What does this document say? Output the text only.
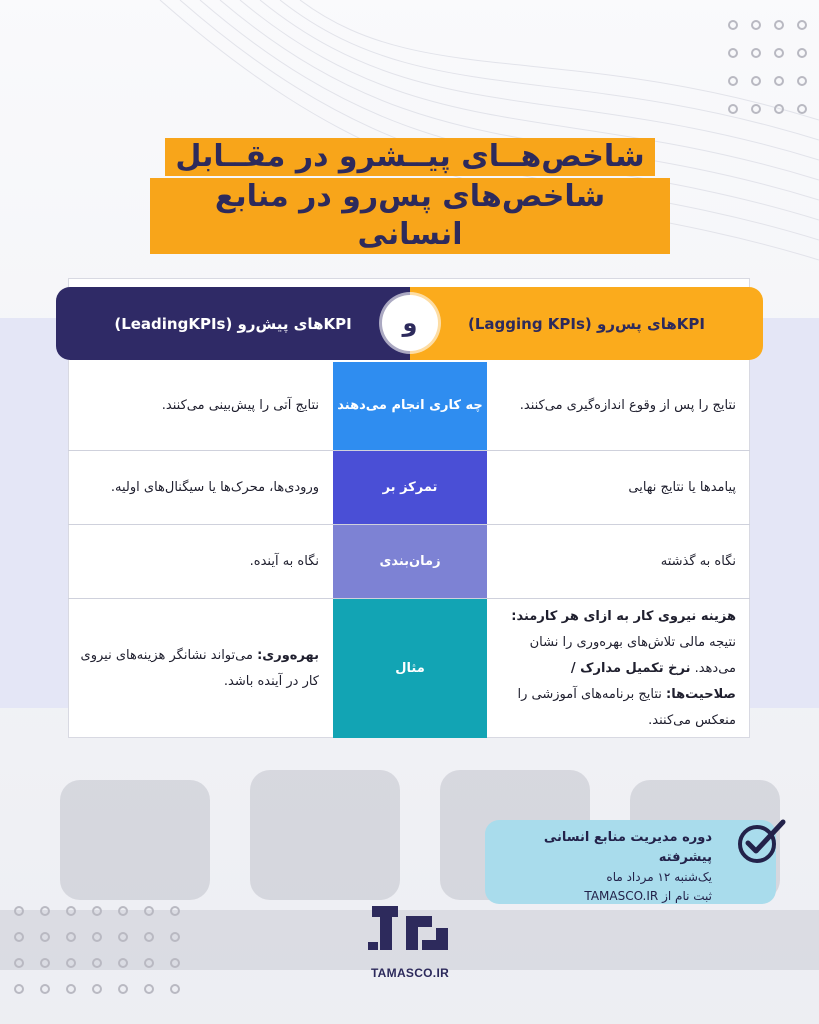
شاخص‌هــای پیــشرو در مقــابل
شاخص‌های پس‌رو در منابع انسانی
KPIهای پس‌رو (Lagging KPIs)
KPIهای پیش‌رو (LeadingKPIs) و
نتایج را پس از وقوع اندازه‌گیری می‌کنند.
چه کاری انجام می‌دهند
نتایج آتی را پیش‌بینی می‌کنند.
پیامدها یا نتایج نهایی
تمرکز بر
ورودی‌ها، محرک‌ها یا سیگنال‌های اولیه.
نگاه به گذشته
زمان‌بندی
نگاه به آینده.
هزینه نیروی کار به ازای هر کارمند: نتیجه مالی تلاش‌های بهره‌وری را نشان می‌دهد. نرخ تکمیل مدارک / صلاحیت‌ها: نتایج برنامه‌های آموزشی را منعکس می‌کنند.
مثال
بهره‌وری: می‌تواند نشانگر هزینه‌های نیروی کار در آینده باشد.
دوره مدیریت منابع انسانی پیشرفته
یک‌شنبه ۱۲ مرداد ماه
ثبت نام از TAMASCO.IR
TAMASCO.IR
